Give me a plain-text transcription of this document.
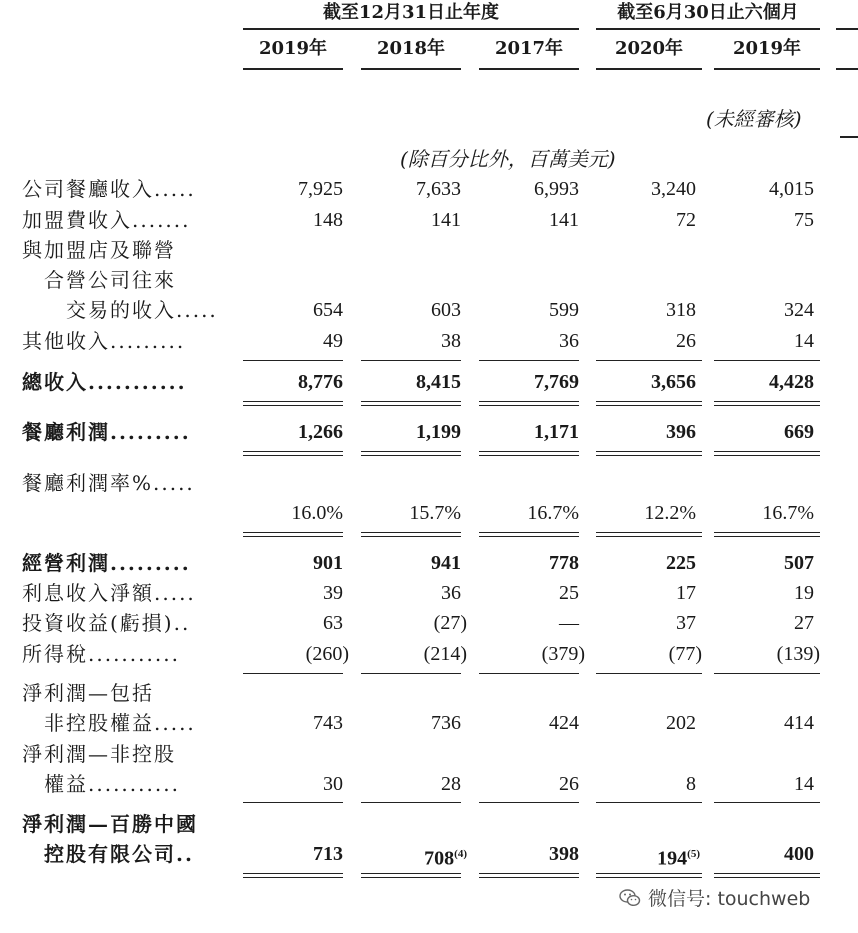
截至12月31日止年度	截至6月30日止六個月
2019年	2018年	2017年	2020年	2019年
(未經審核)
(除百分比外，百萬美元)
公司餐廳收入.....	7,925	7,633	6,993	3,240	4,015
加盟費收入.......	148	141	141	72	75
與加盟店及聯營
合營公司往來
交易的收入.....	654	603	599	318	324
其他收入.........	49	38	36	26	14
總收入...........	8,776	8,415	7,769	3,656	4,428
餐廳利潤.........	1,266	1,199	1,171	396	669
餐廳利潤率%.....
16.0%	15.7%	16.7%	12.2%	16.7%
經營利潤.........	901	941	778	225	507
利息收入淨額.....	39	36	25	17	19
投資收益(虧損)..	63	(27)	—	37	27
所得稅...........	(260)	(214)	(379)	(77)	(139)
淨利潤—包括
非控股權益.....	743	736	424	202	414
淨利潤—非控股
權益...........	30	28	26	8	14
淨利潤—百勝中國
控股有限公司..	713	708$^{(4)}$	398	194$^{(5)}$	400
微信号: touchweb
